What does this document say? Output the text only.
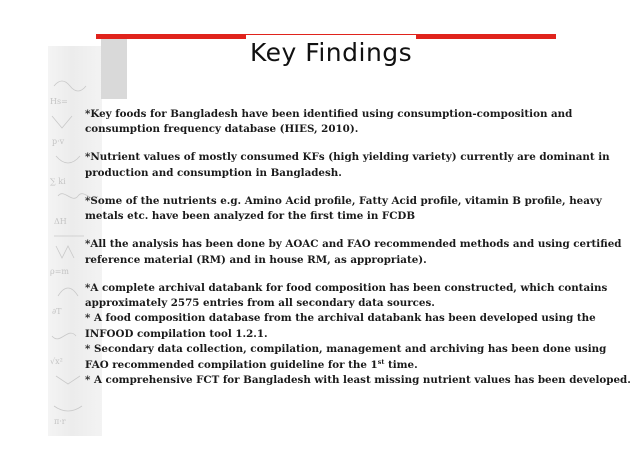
Hs=
p·v
∑ ki
ΔH
ρ=m
∂T
√x²
π·r
Key Findings
*Key foods for Bangladesh have been identified using consumption-composition and
consumption frequency database (HIES, 2010).
*Nutrient values of mostly consumed KFs (high yielding variety) currently are dominant in
production and consumption in Bangladesh.
*Some of the nutrients e.g. Amino Acid profile, Fatty Acid profile, vitamin B profile, heavy
metals etc. have been analyzed for the first time in FCDB
*All the analysis has been done by AOAC and FAO recommended methods and using certified
reference material (RM) and in house RM, as appropriate).
*A complete archival databank for food composition has been constructed, which contains
approximately 2575 entries from all secondary data sources.
* A food composition database from the archival databank has been developed using the
INFOOD compilation tool 1.2.1.
* Secondary data collection, compilation, management and archiving has been done using
FAO recommended compilation guideline for the 1st time.
* A comprehensive FCT for Bangladesh with least missing nutrient values has been developed.
